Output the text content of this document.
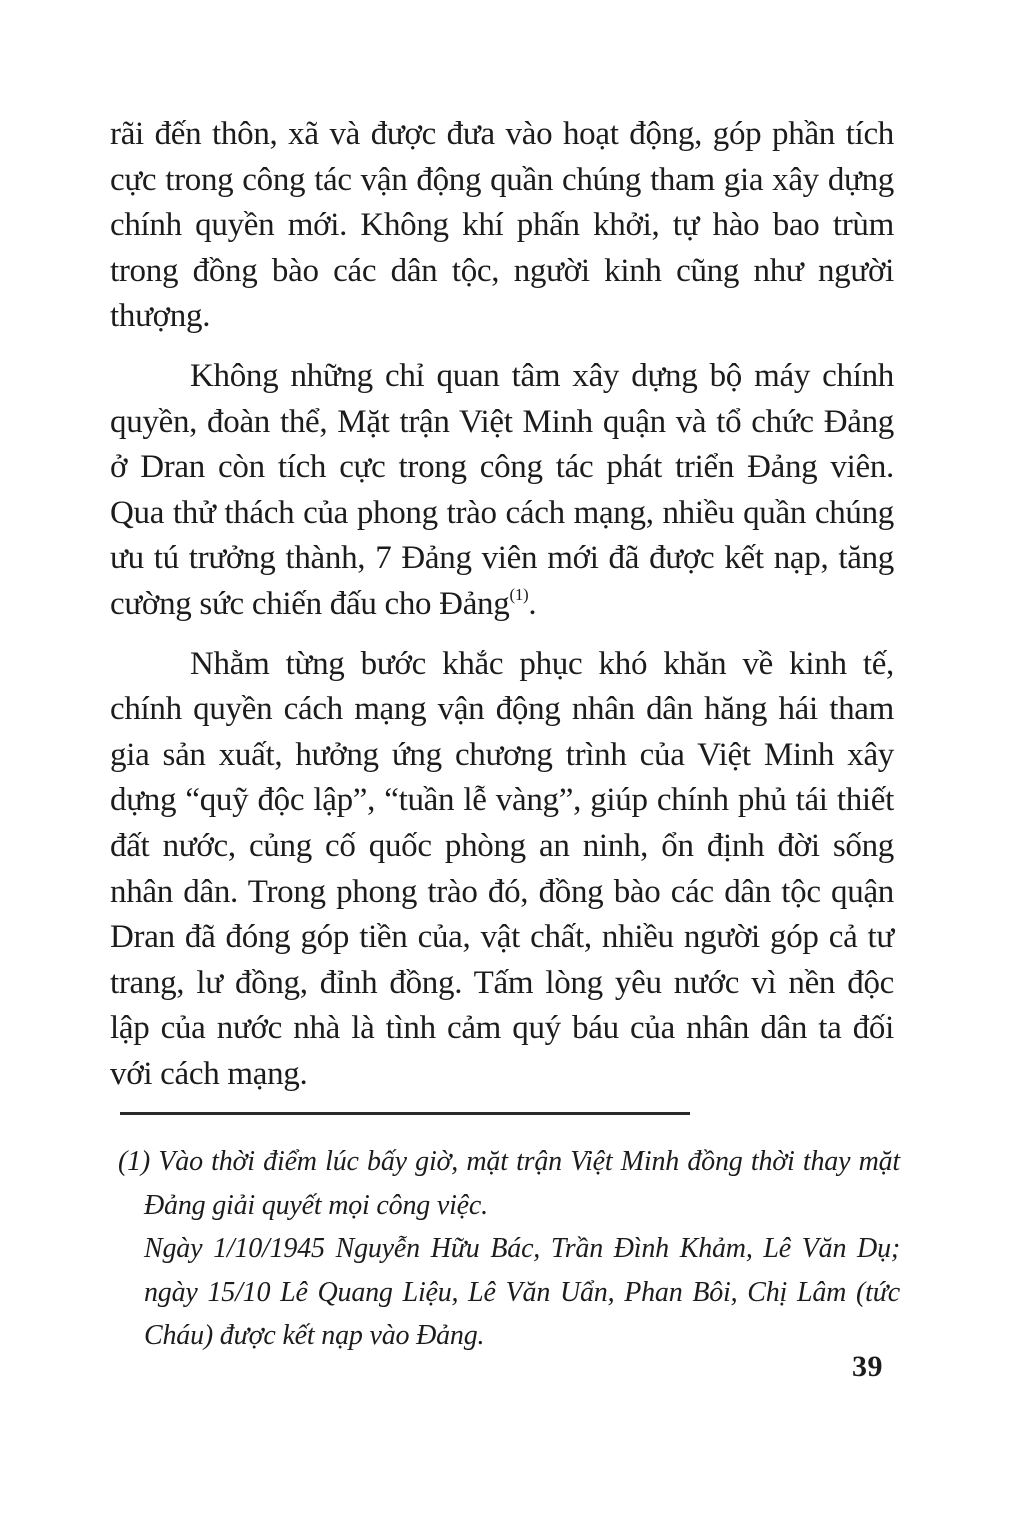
rãi đến thôn, xã và được đưa vào hoạt động, góp phần tích cực trong công tác vận động quần chúng tham gia xây dựng chính quyền mới. Không khí phấn khởi, tự hào bao trùm trong đồng bào các dân tộc, người kinh cũng như người thượng.

Không những chỉ quan tâm xây dựng bộ máy chính quyền, đoàn thể, Mặt trận Việt Minh quận và tổ chức Đảng ở Dran còn tích cực trong công tác phát triển Đảng viên. Qua thử thách của phong trào cách mạng, nhiều quần chúng ưu tú trưởng thành, 7 Đảng viên mới đã được kết nạp, tăng cường sức chiến đấu cho Đảng$^{(1)}$.

Nhằm từng bước khắc phục khó khăn về kinh tế, chính quyền cách mạng vận động nhân dân hăng hái tham gia sản xuất, hưởng ứng chương trình của Việt Minh xây dựng “quỹ độc lập”, “tuần lễ vàng”, giúp chính phủ tái thiết đất nước, củng cố quốc phòng an ninh, ổn định đời sống nhân dân. Trong phong trào đó, đồng bào các dân tộc quận Dran đã đóng góp tiền của, vật chất, nhiều người góp cả tư trang, lư đồng, đỉnh đồng. Tấm lòng yêu nước vì nền độc lập của nước nhà là tình cảm quý báu của nhân dân ta đối với cách mạng.

(1) Vào thời điểm lúc bấy giờ, mặt trận Việt Minh đồng thời thay mặt Đảng giải quyết mọi công việc.

Ngày 1/10/1945 Nguyễn Hữu Bác, Trần Đình Khảm, Lê Văn Dụ; ngày 15/10 Lê Quang Liệu, Lê Văn Uẩn, Phan Bôi, Chị Lâm (tức Cháu) được kết nạp vào Đảng.

39
